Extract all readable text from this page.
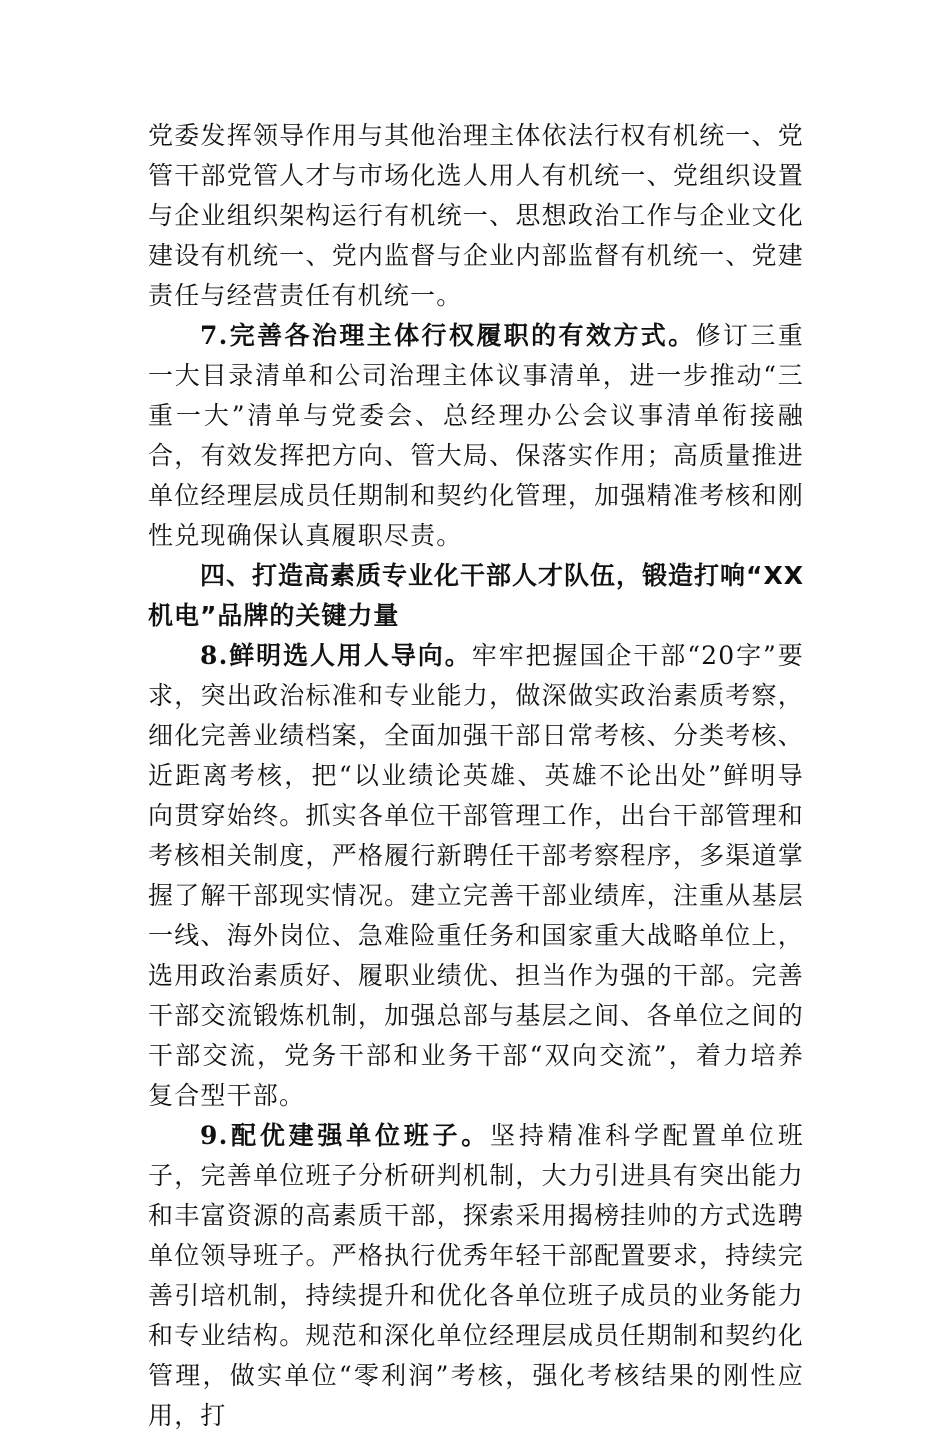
党委发挥领导作用与其他治理主体依法行权有机统一、党管干部党管人才与市场化选人用人有机统一、党组织设置与企业组织架构运行有机统一、思想政治工作与企业文化建设有机统一、党内监督与企业内部监督有机统一、党建责任与经营责任有机统一。

7.完善各治理主体行权履职的有效方式。修订三重一大目录清单和公司治理主体议事清单，进一步推动“三重一大”清单与党委会、总经理办公会议事清单衔接融合，有效发挥把方向、管大局、保落实作用；高质量推进单位经理层成员任期制和契约化管理，加强精准考核和刚性兑现确保认真履职尽责。

四、打造高素质专业化干部人才队伍，锻造打响“XX机电”品牌的关键力量

8.鲜明选人用人导向。牢牢把握国企干部“20字”要求，突出政治标准和专业能力，做深做实政治素质考察，细化完善业绩档案，全面加强干部日常考核、分类考核、近距离考核，把“以业绩论英雄、英雄不论出处”鲜明导向贯穿始终。抓实各单位干部管理工作，出台干部管理和考核相关制度，严格履行新聘任干部考察程序，多渠道掌握了解干部现实情况。建立完善干部业绩库，注重从基层一线、海外岗位、急难险重任务和国家重大战略单位上，选用政治素质好、履职业绩优、担当作为强的干部。完善干部交流锻炼机制，加强总部与基层之间、各单位之间的干部交流，党务干部和业务干部“双向交流”，着力培养复合型干部。

9.配优建强单位班子。坚持精准科学配置单位班子，完善单位班子分析研判机制，大力引进具有突出能力和丰富资源的高素质干部，探索采用揭榜挂帅的方式选聘单位领导班子。严格执行优秀年轻干部配置要求，持续完善引培机制，持续提升和优化各单位班子成员的业务能力和专业结构。规范和深化单位经理层成员任期制和契约化管理，做实单位“零利润”考核，强化考核结果的刚性应用，打
